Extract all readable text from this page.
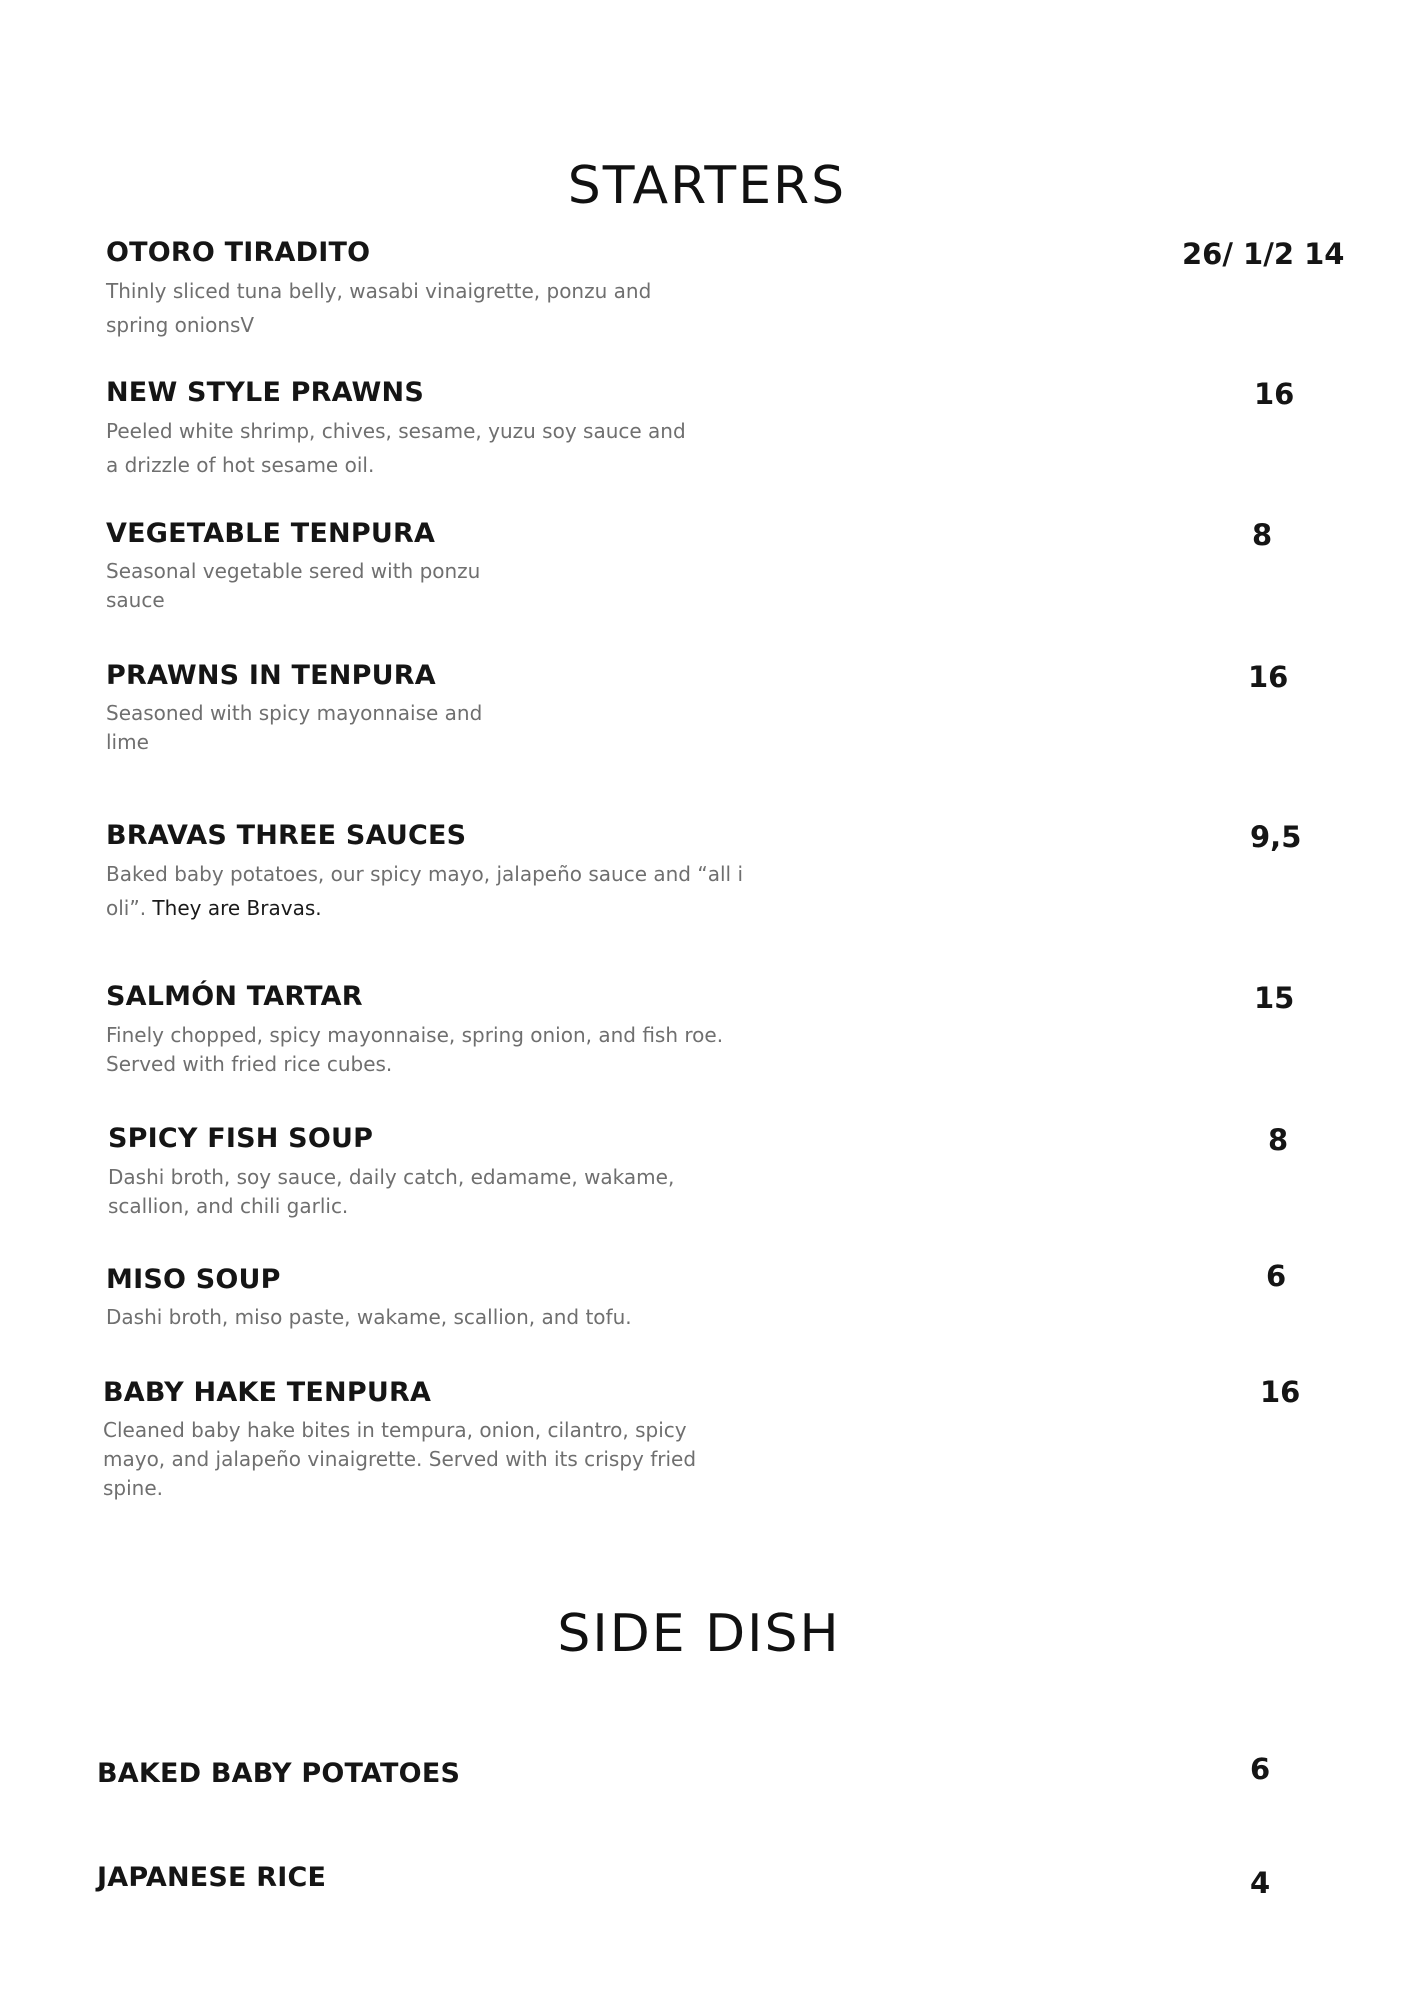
STARTERS
OTORO TIRADITO	26/ 1/2 14
Thinly sliced tuna belly, wasabi vinaigrette, ponzu and
spring onionsV
NEW STYLE PRAWNS	16
Peeled white shrimp, chives, sesame, yuzu soy sauce and
a drizzle of hot sesame oil.
VEGETABLE TENPURA	8
Seasonal vegetable sered with ponzu
sauce
PRAWNS IN TENPURA	16
Seasoned with spicy mayonnaise and
lime
BRAVAS THREE SAUCES	9,5
Baked baby potatoes, our spicy mayo, jalapeño sauce and “all i
oli”. They are Bravas.
SALMÓN TARTAR	15
Finely chopped, spicy mayonnaise, spring onion, and fish roe.
Served with fried rice cubes.
SPICY FISH SOUP	8
Dashi broth, soy sauce, daily catch, edamame, wakame,
scallion, and chili garlic.
MISO SOUP	6
Dashi broth, miso paste, wakame, scallion, and tofu.
BABY HAKE TENPURA	16
Cleaned baby hake bites in tempura, onion, cilantro, spicy
mayo, and jalapeño vinaigrette. Served with its crispy fried
spine.
SIDE DISH
BAKED BABY POTATOES	6
JAPANESE RICE	4
